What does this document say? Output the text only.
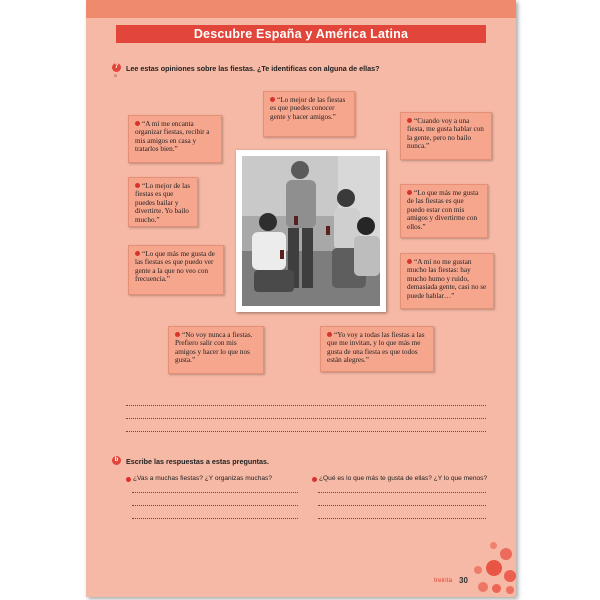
Descubre España y América Latina
7
a
Lee estas opiniones sobre las fiestas. ¿Te identificas con alguna de ellas?
“Lo mejor de las fiestas es que puedes conocer gente y hacer amigos.”
“A mí me encanta organizar fiestas, recibir a mis amigos en casa y tratarlos bien.”
“Cuando voy a una fiesta, me gusta hablar con la gente, pero no bailo nunca.”
“Lo mejor de las fiestas es que puedes bailar y divertirte. Yo bailo mucho.”
“Lo que más me gusta de las fiestas es que puedo estar con mis amigos y divertirme con ellos.”
“Lo que más me gusta de las fiestas es que puedo ver gente a la que no veo con frecuencia.”
“A mí no me gustan mucho las fiestas: hay mucho humo y ruido, demasiada gente, casi no se puede hablar…”
“No voy nunca a fiestas. Prefiero salir con mis amigos y hacer lo que nos gusta.”
“Yo voy a todas las fiestas a las que me invitan, y lo que más me gusta de una fiesta es que todos están alegres.”
b	Escribe las respuestas a estas preguntas.
¿Vas a muchas fiestas? ¿Y organizas muchas?	¿Qué es lo que más te gusta de ellas? ¿Y lo que menos?
treinta 30
